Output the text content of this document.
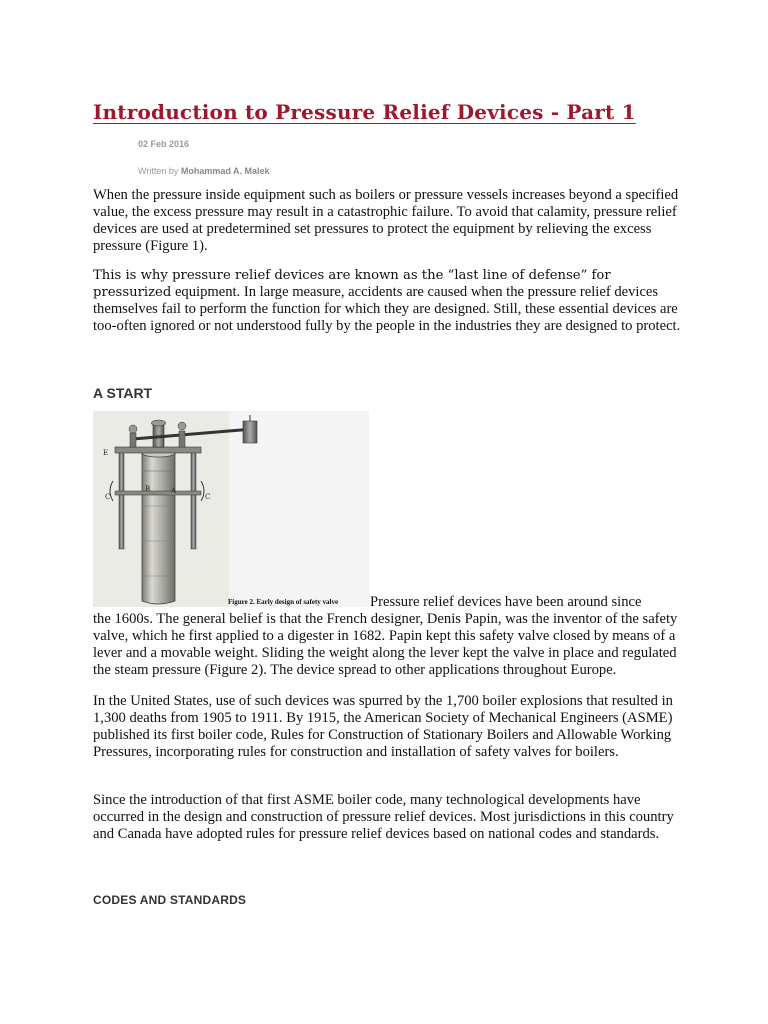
Introduction to Pressure Relief Devices - Part 1
02 Feb 2016
Written by Mohammad A. Malek

When the pressure inside equipment such as boilers or pressure vessels increases beyond a specified value, the excess pressure may result in a catastrophic failure. To avoid that calamity, pressure relief devices are used at predetermined set pressures to protect the equipment by relieving the excess pressure (Figure 1).

This is why pressure relief devices are known as the “last line of defense” for pressurized equipment. In large measure, accidents are caused when the pressure relief devices themselves fail to perform the function for which they are designed. Still, these essential devices are too-often ignored or not understood fully by the people in the industries they are designed to protect.

A START
E
C	C
B	A
Figure 2. Early design of safety valve	Pressure relief devices have been around since
the 1600s. The general belief is that the French designer, Denis Papin, was the inventor of the safety valve, which he first applied to a digester in 1682. Papin kept this safety valve closed by means of a lever and a movable weight. Sliding the weight along the lever kept the valve in place and regulated the steam pressure (Figure 2). The device spread to other applications throughout Europe.

In the United States, use of such devices was spurred by the 1,700 boiler explosions that resulted in 1,300 deaths from 1905 to 1911. By 1915, the American Society of Mechanical Engineers (ASME) published its first boiler code, Rules for Construction of Stationary Boilers and Allowable Working Pressures, incorporating rules for construction and installation of safety valves for boilers.

Since the introduction of that first ASME boiler code, many technological developments have occurred in the design and construction of pressure relief devices. Most jurisdictions in this country and Canada have adopted rules for pressure relief devices based on national codes and standards.

CODES AND STANDARDS
